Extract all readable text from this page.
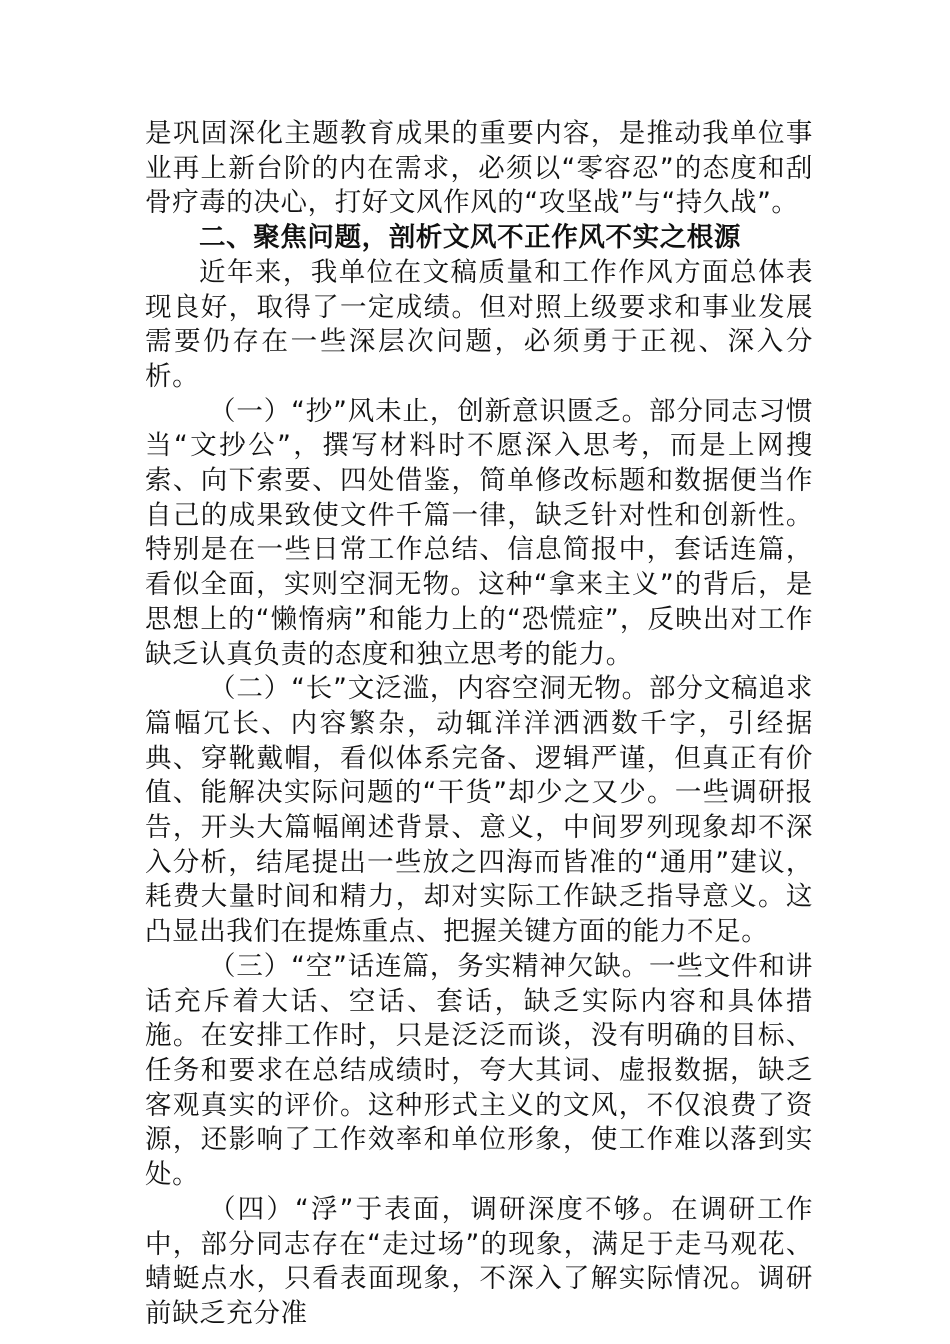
是巩固深化主题教育成果的重要内容，是推动我单位事业再上新台阶的内在需求，必须以“零容忍”的态度和刮骨疗毒的决心，打好文风作风的“攻坚战”与“持久战”。

二、聚焦问题，剖析文风不正作风不实之根源

近年来，我单位在文稿质量和工作作风方面总体表现良好，取得了一定成绩。但对照上级要求和事业发展需要仍存在一些深层次问题，必须勇于正视、深入分析。

（一）“抄”风未止，创新意识匮乏。部分同志习惯当“文抄公”，撰写材料时不愿深入思考，而是上网搜索、向下索要、四处借鉴，简单修改标题和数据便当作自己的成果致使文件千篇一律，缺乏针对性和创新性。特别是在一些日常工作总结、信息简报中，套话连篇，看似全面，实则空洞无物。这种“拿来主义”的背后，是思想上的“懒惰病”和能力上的“恐慌症”，反映出对工作缺乏认真负责的态度和独立思考的能力。

（二）“长”文泛滥，内容空洞无物。部分文稿追求篇幅冗长、内容繁杂，动辄洋洋洒洒数千字，引经据典、穿靴戴帽，看似体系完备、逻辑严谨，但真正有价值、能解决实际问题的“干货”却少之又少。一些调研报告，开头大篇幅阐述背景、意义，中间罗列现象却不深入分析，结尾提出一些放之四海而皆准的“通用”建议，耗费大量时间和精力，却对实际工作缺乏指导意义。这凸显出我们在提炼重点、把握关键方面的能力不足。

（三）“空”话连篇，务实精神欠缺。一些文件和讲话充斥着大话、空话、套话，缺乏实际内容和具体措施。在安排工作时，只是泛泛而谈，没有明确的目标、任务和要求在总结成绩时，夸大其词、虚报数据，缺乏客观真实的评价。这种形式主义的文风，不仅浪费了资源，还影响了工作效率和单位形象，使工作难以落到实处。

（四）“浮”于表面，调研深度不够。在调研工作中，部分同志存在“走过场”的现象，满足于走马观花、蜻蜓点水，只看表面现象，不深入了解实际情况。调研前缺乏充分准
